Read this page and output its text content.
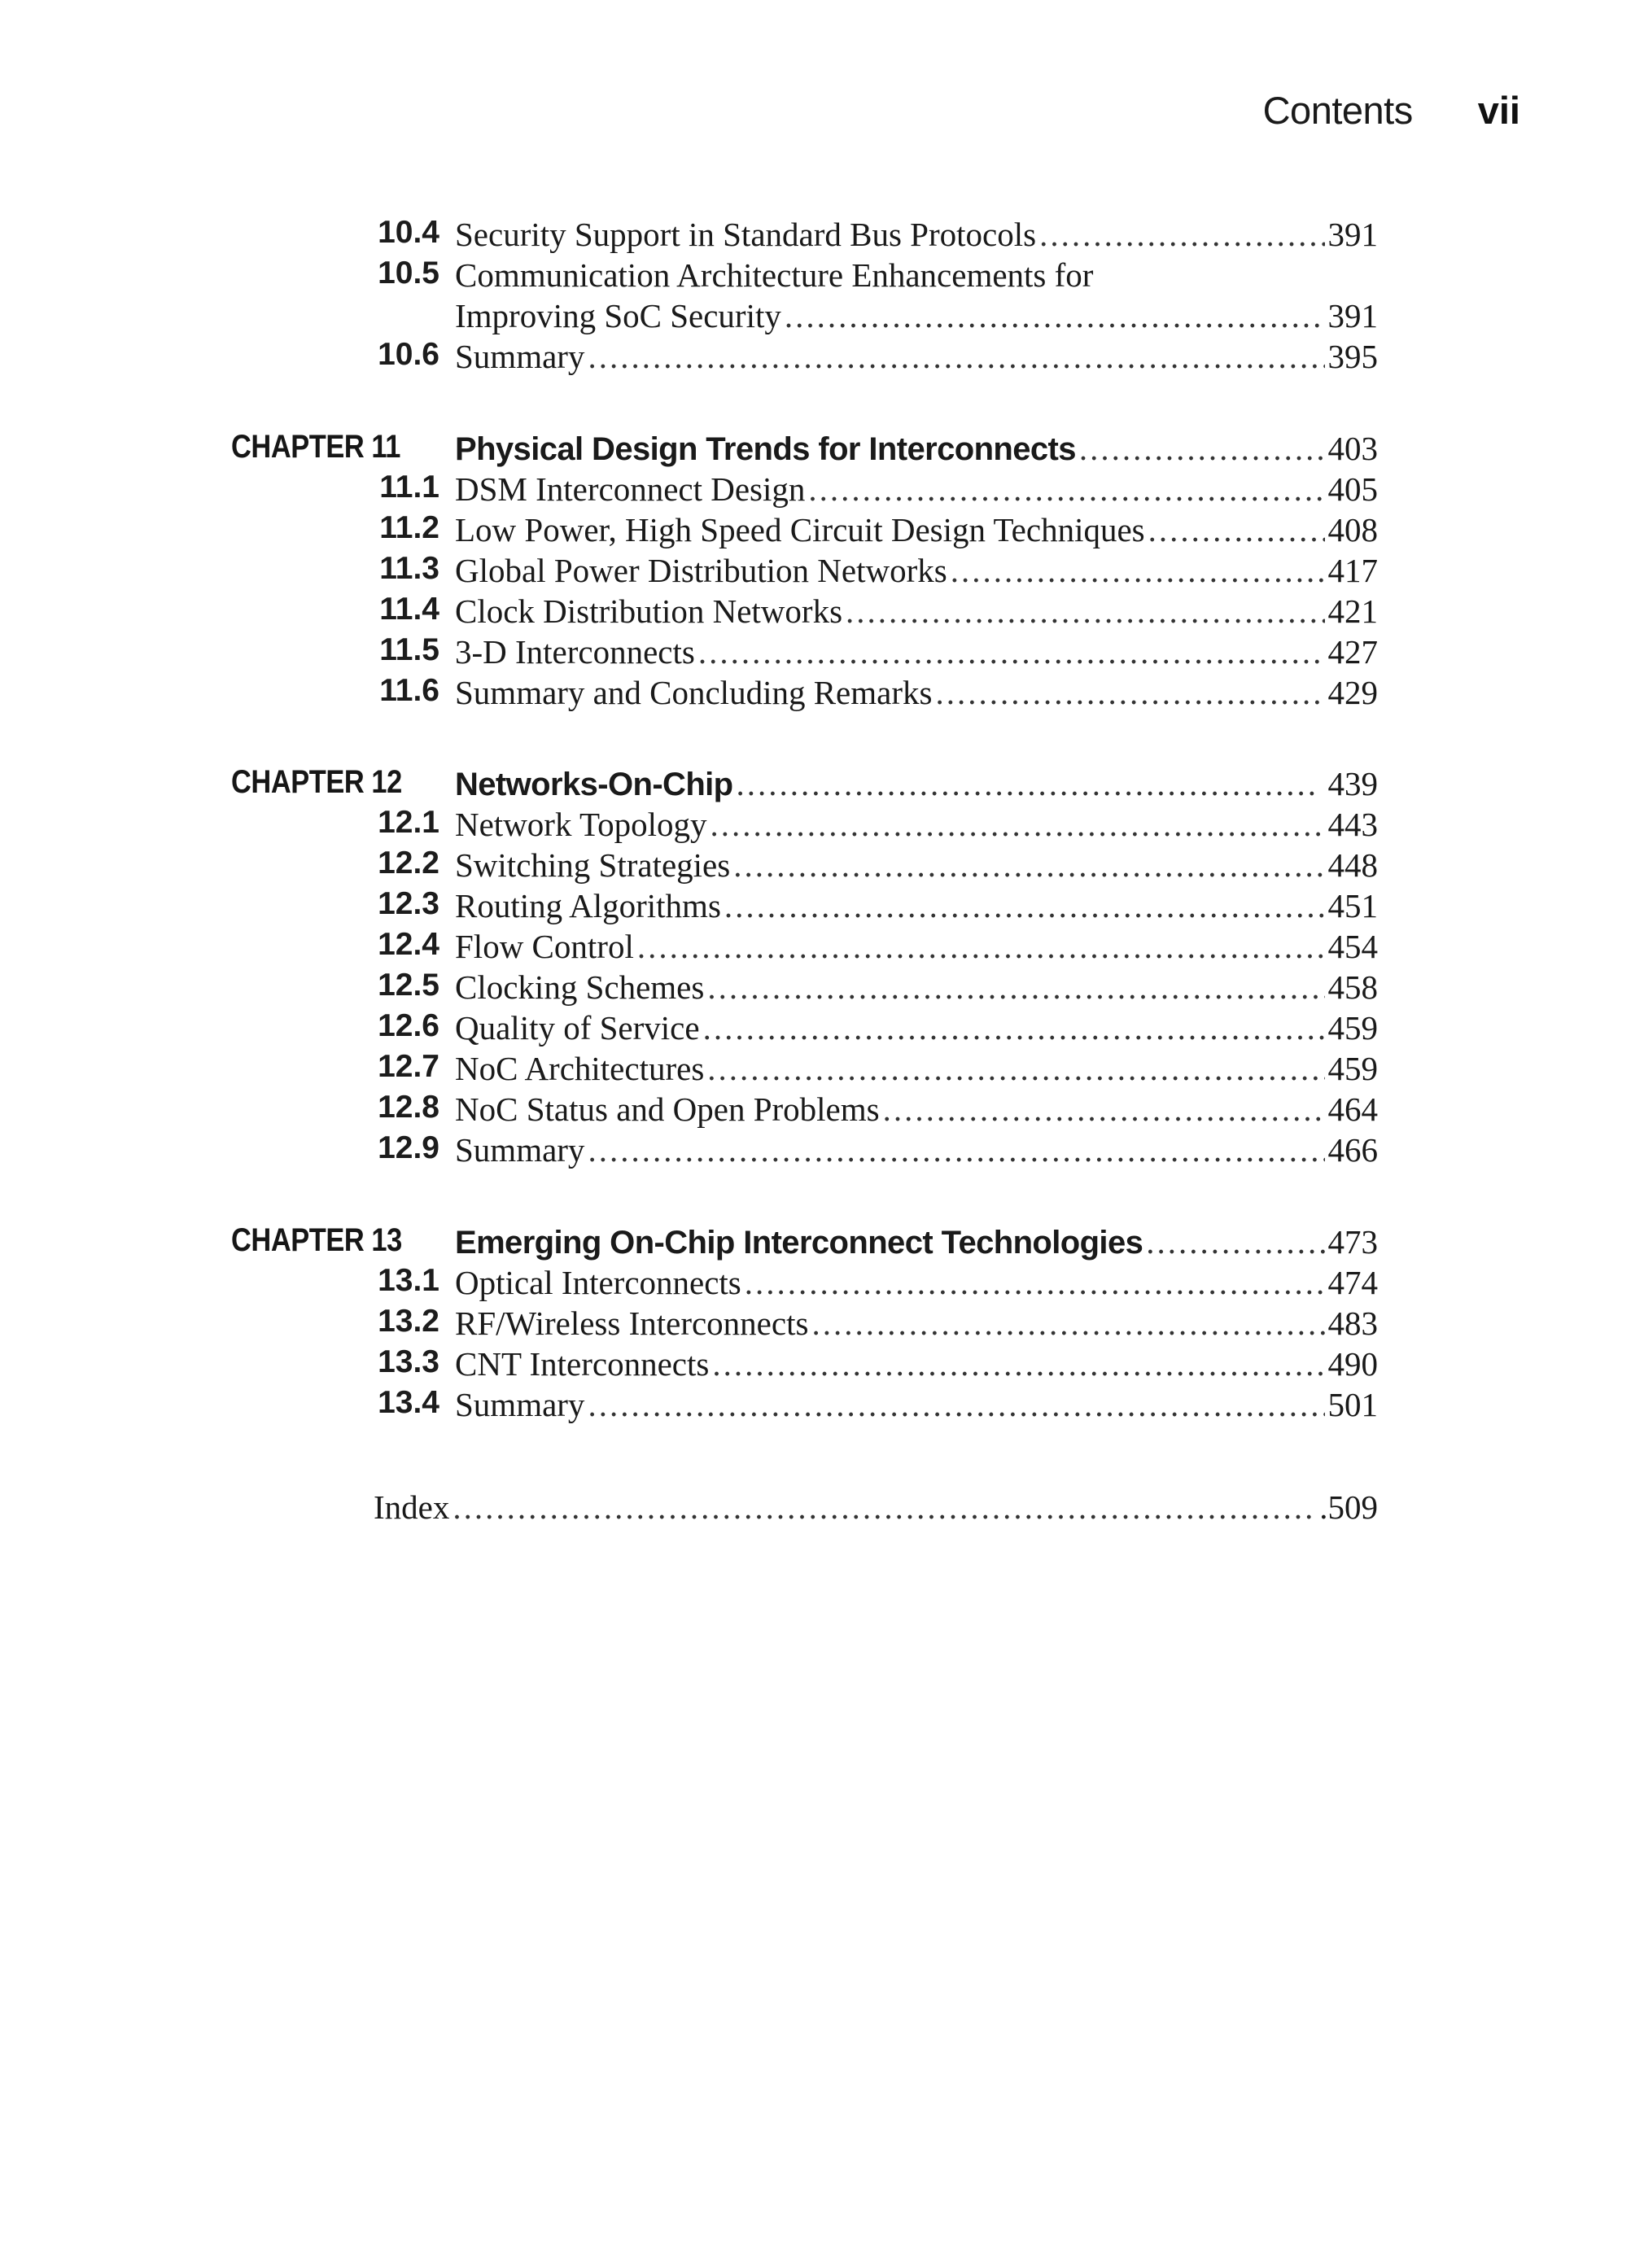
Contents vii
10.4 Security Support in Standard Bus Protocols .....	391
10.5 Communication Architecture Enhancements for
Improving SoC Security .....	391
10.6 Summary .....	395
CHAPTER 11 Physical Design Trends for Interconnects .....	403
11.1 DSM Interconnect Design .....	405
11.2 Low Power, High Speed Circuit Design Techniques .....	408
11.3 Global Power Distribution Networks .....	417
11.4 Clock Distribution Networks .....	421
11.5 3-D Interconnects .....	427
11.6 Summary and Concluding Remarks .....	429
CHAPTER 12 Networks-On-Chip .....	439
12.1 Network Topology .....	443
12.2 Switching Strategies .....	448
12.3 Routing Algorithms .....	451
12.4 Flow Control .....	454
12.5 Clocking Schemes .....	458
12.6 Quality of Service .....	459
12.7 NoC Architectures .....	459
12.8 NoC Status and Open Problems .....	464
12.9 Summary .....	466
CHAPTER 13 Emerging On-Chip Interconnect Technologies .....	473
13.1 Optical Interconnects .....	474
13.2 RF/Wireless Interconnects .....	483
13.3 CNT Interconnects .....	490
13.4 Summary .....	501
Index .....	.509
